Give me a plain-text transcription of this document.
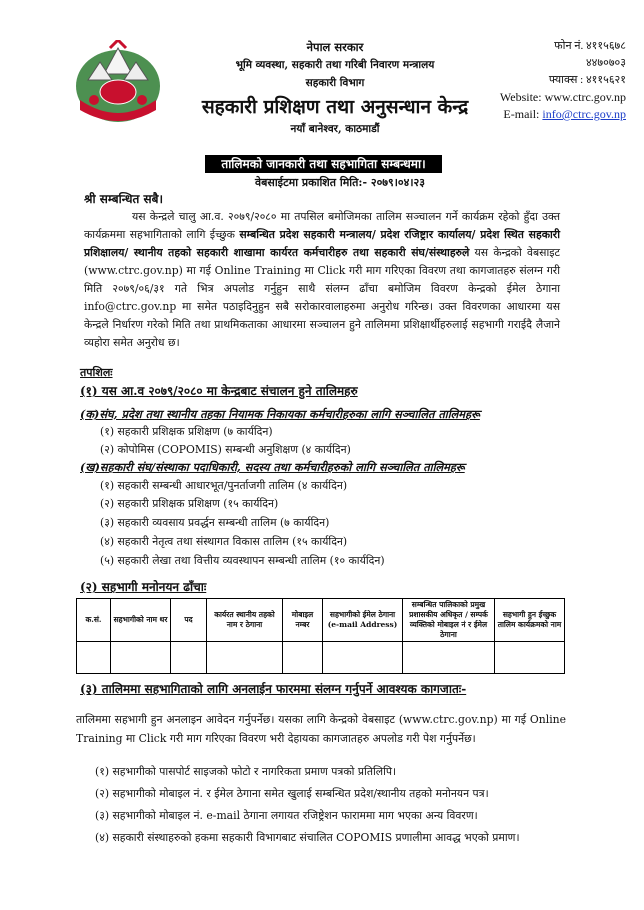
नेपाल सरकार
भूमि व्यवस्था, सहकारी तथा गरिबी निवारण मन्त्रालय
सहकारी विभाग
सहकारी प्रशिक्षण तथा अनुसन्धान केन्द्र
नयाँ बानेश्वर, काठमाडौं
फोन नं. ४११५६७८
४४७०७०३
फ्याक्स : ४११५६२१
Website: www.ctrc.gov.np
E-mail: info@ctrc.gov.np
तालिमको जानकारी तथा सहभागिता सम्बन्धमा।
वेबसाईटमा प्रकाशित मिति:- २०७९।०४।२३
श्री सम्बन्धित सबै।
यस केन्द्रले चालु आ.व. २०७९/२०८० मा तपसिल बमोजिमका तालिम सञ्चालन गर्ने कार्यक्रम रहेको हुँदा उक्त कार्यक्रममा सहभागिताको लागि ईच्छुक सम्बन्धित प्रदेश सहकारी मन्त्रालय/ प्रदेश रजिष्ट्रार कार्यालय/ प्रदेश स्थित सहकारी प्रशिक्षालय/ स्थानीय तहको सहकारी शाखामा कार्यरत कर्मचारीहरु तथा सहकारी संघ/संस्थाहरुले यस केन्द्रको वेबसाइट (www.ctrc.gov.np) मा गई Online Training मा Click गरी माग गरिएका विवरण तथा कागजातहरु संलग्न गरी मिति २०७९/०६/३१ गते भित्र अपलोड गर्नुहुन साथै संलग्न ढाँचा बमोजिम विवरण केन्द्रको ईमेल ठेगाना info@ctrc.gov.np मा समेत पठाइदिनुहुन सबै सरोकारवालाहरुमा अनुरोध गरिन्छ। उक्त विवरणका आधारमा यस केन्द्रले निर्धारण गरेको मिति तथा प्राथमिकताका आधारमा सञ्चालन हुने तालिममा प्रशिक्षार्थीहरुलाई सहभागी गराईदै लैजाने व्यहोरा समेत अनुरोध छ।
तपशिलः
(१) यस आ.व २०७९/२०८० मा केन्द्रबाट संचालन हुने तालिमहरु
(क)संघ, प्रदेश तथा स्थानीय तहका नियामक निकायका कर्मचारीहरुका लागि सञ्चालित तालिमहरू
(१) सहकारी प्रशिक्षक प्रशिक्षण (७ कार्यदिन)
(२) कोपोमिस (COPOMIS) सम्बन्धी अनुशिक्षण (४ कार्यदिन)
(ख)सहकारी संघ/संस्थाका पदाधिकारी, सदस्य तथा कर्मचारीहरुको लागि सञ्चालित तालिमहरू
(१) सहकारी सम्बन्धी आधारभूत/पुनर्ताजगी तालिम (४ कार्यदिन)
(२) सहकारी प्रशिक्षक प्रशिक्षण (१५ कार्यदिन)
(३) सहकारी व्यवसाय प्रवर्द्धन सम्बन्धी तालिम (७ कार्यदिन)
(४) सहकारी नेतृत्व तथा संस्थागत विकास तालिम (१५ कार्यदिन)
(५) सहकारी लेखा तथा वित्तीय व्यवस्थापन सम्बन्धी तालिम (१० कार्यदिन)
(२) सहभागी मनोनयन ढाँचाः
क.सं.	सहभागीको नाम थर	पद	कार्यरत स्थानीय तहको नाम र ठेगाना	मोबाइल नम्बर	सहभागीको ईमेल ठेगाना (e-mail Address)	सम्बन्धित पालिकाको प्रमुख प्रशासकीय अधिकृत / सम्पर्क व्यक्तिको मोबाइल नं र ईमेल ठेगाना	सहभागी हुन ईच्छुक तालिम कार्यक्रमको नाम

(३) तालिममा सहभागिताको लागि अनलाईन फारममा संलग्न गर्नुपर्ने आवश्यक कागजातः-
तालिममा सहभागी हुन अनलाइन आवेदन गर्नुपर्नेछ। यसका लागि केन्द्रको वेबसाइट (www.ctrc.gov.np) मा गई Online Training मा Click गरी माग गरिएका विवरण भरी देहायका कागजातहरु अपलोड गरी पेश गर्नुपर्नेछ।
(१) सहभागीको पासपोर्ट साइजको फोटो र नागरिकता प्रमाण पत्रको प्रतिलिपि।
(२) सहभागीको मोबाइल नं. र ईमेल ठेगाना समेत खुलाई सम्बन्धित प्रदेश/स्थानीय तहको मनोनयन पत्र।
(३) सहभागीको मोबाइल नं. e-mail ठेगाना लगायत रजिष्ट्रेशन फाराममा माग भएका अन्य विवरण।
(४) सहकारी संस्थाहरुको हकमा सहकारी विभागबाट संचालित COPOMIS प्रणालीमा आवद्ध भएको प्रमाण।
